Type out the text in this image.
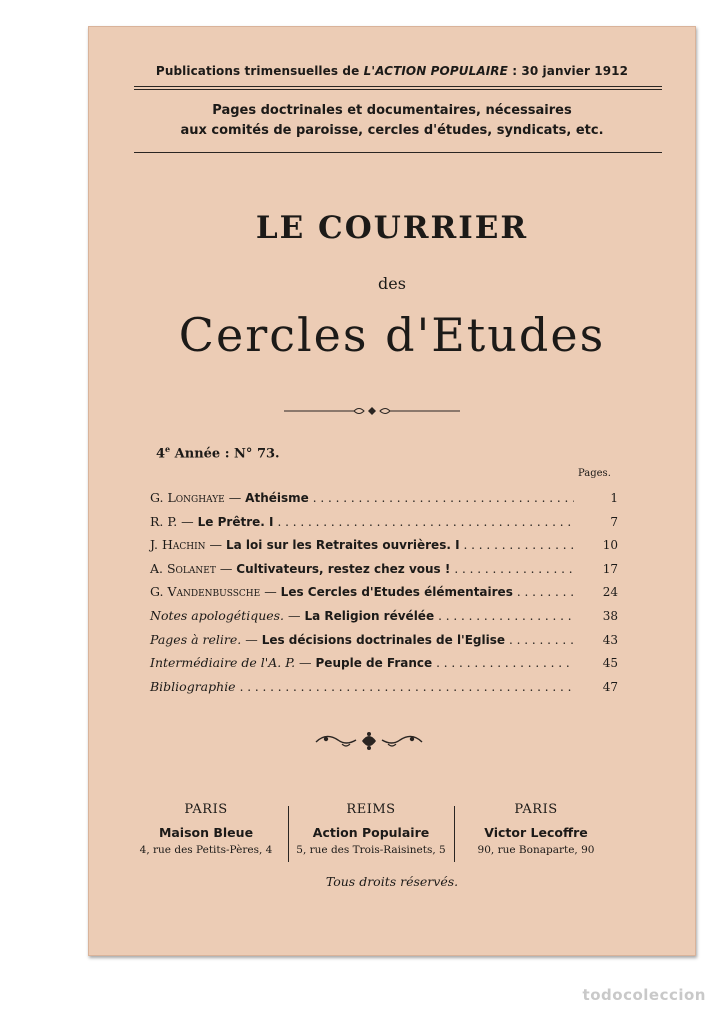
Publications trimensuelles de L'ACTION POPULAIRE : 30 janvier 1912
Pages doctrinales et documentaires, nécessaires
aux comités de paroisse, cercles d'études, syndicats, etc.
LE COURRIER
des
Cercles d'Etudes
4e Année : N° 73.
Pages.
G. Longhaye — Athéisme . . .	1
R. P. — Le Prêtre. I . . .	7
J. Hachin — La loi sur les Retraites ouvrières. I . . .	10
A. Solanet — Cultivateurs, restez chez vous ! . . .	17
G. Vandenbussche — Les Cercles d'Etudes élémentaires . . .	24
Notes apologétiques. — La Religion révélée . . .	38
Pages à relire. — Les décisions doctrinales de l'Eglise . . .	43
Intermédiaire de l'A. P. — Peuple de France . . .	45
Bibliographie . . .	47
PARIS
Maison Bleue
4, rue des Petits-Pères, 4
REIMS
Action Populaire
5, rue des Trois-Raisinets, 5
PARIS
Victor Lecoffre
90, rue Bonaparte, 90
Tous droits réservés.
todocoleccion
